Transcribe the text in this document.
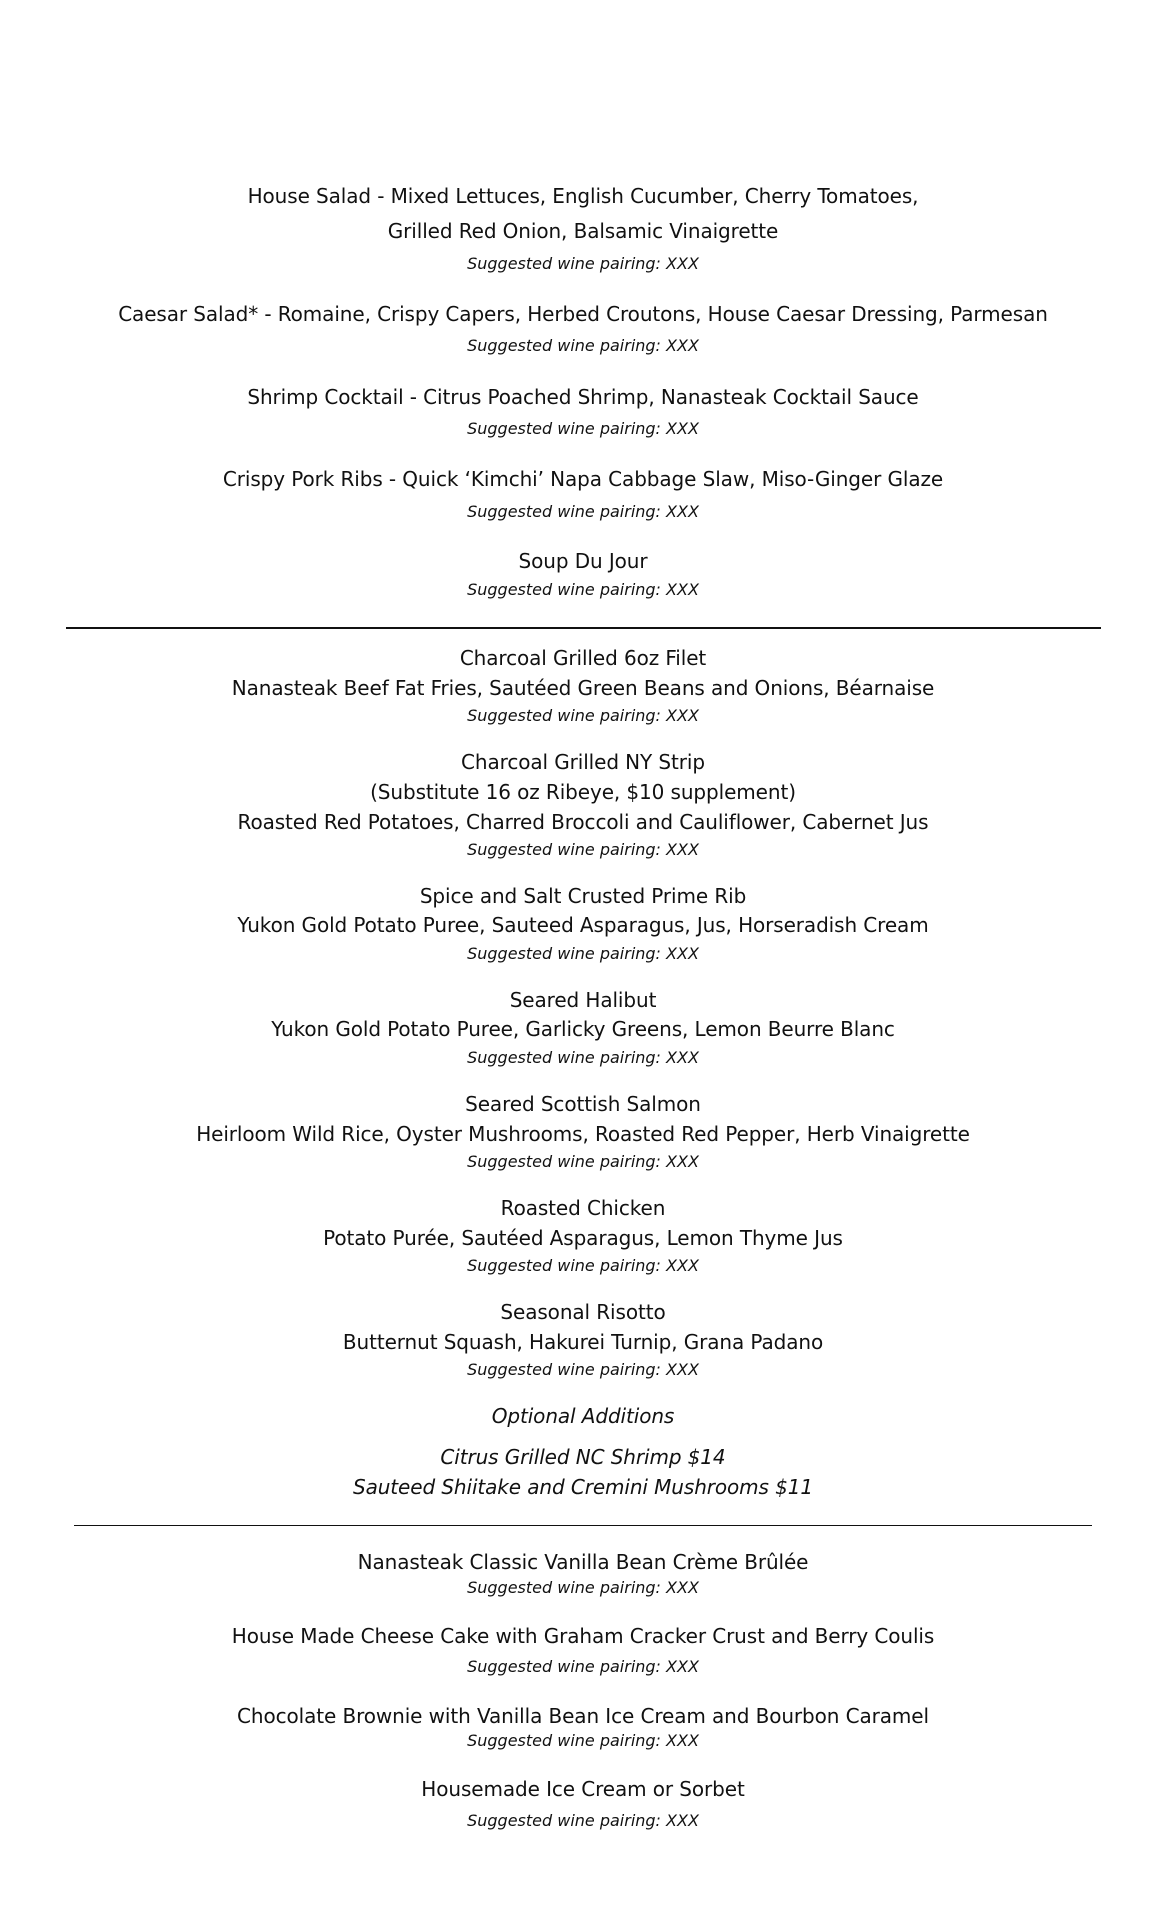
House Salad - Mixed Lettuces, English Cucumber, Cherry Tomatoes,
Grilled Red Onion, Balsamic Vinaigrette
Suggested wine pairing: XXX
Caesar Salad* - Romaine, Crispy Capers, Herbed Croutons, House Caesar Dressing, Parmesan
Suggested wine pairing: XXX
Shrimp Cocktail - Citrus Poached Shrimp, Nanasteak Cocktail Sauce
Suggested wine pairing: XXX
Crispy Pork Ribs - Quick ‘Kimchi’ Napa Cabbage Slaw, Miso-Ginger Glaze
Suggested wine pairing: XXX
Soup Du Jour
Suggested wine pairing: XXX
Charcoal Grilled 6oz Filet
Nanasteak Beef Fat Fries, Sautéed Green Beans and Onions, Béarnaise
Suggested wine pairing: XXX
Charcoal Grilled NY Strip
(Substitute 16 oz Ribeye, $10 supplement)
Roasted Red Potatoes, Charred Broccoli and Cauliflower, Cabernet Jus
Suggested wine pairing: XXX
Spice and Salt Crusted Prime Rib
Yukon Gold Potato Puree, Sauteed Asparagus, Jus, Horseradish Cream
Suggested wine pairing: XXX
Seared Halibut
Yukon Gold Potato Puree, Garlicky Greens, Lemon Beurre Blanc
Suggested wine pairing: XXX
Seared Scottish Salmon
Heirloom Wild Rice, Oyster Mushrooms, Roasted Red Pepper, Herb Vinaigrette
Suggested wine pairing: XXX
Roasted Chicken
Potato Purée, Sautéed Asparagus, Lemon Thyme Jus
Suggested wine pairing: XXX
Seasonal Risotto
Butternut Squash, Hakurei Turnip, Grana Padano
Suggested wine pairing: XXX
Optional Additions
Citrus Grilled NC Shrimp $14
Sauteed Shiitake and Cremini Mushrooms $11
Nanasteak Classic Vanilla Bean Crème Brûlée
Suggested wine pairing: XXX
House Made Cheese Cake with Graham Cracker Crust and Berry Coulis
Suggested wine pairing: XXX
Chocolate Brownie with Vanilla Bean Ice Cream and Bourbon Caramel
Suggested wine pairing: XXX
Housemade Ice Cream or Sorbet
Suggested wine pairing: XXX
